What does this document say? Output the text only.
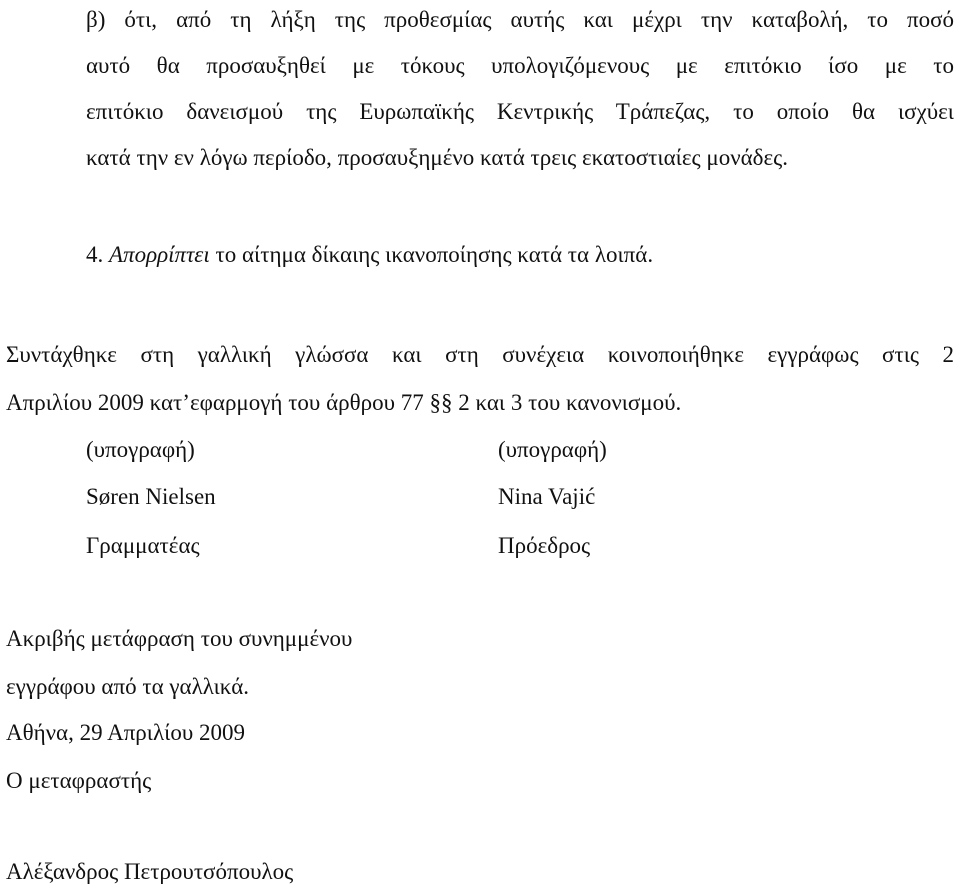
β) ότι, από τη λήξη της προθεσμίας αυτής και μέχρι την καταβολή, το ποσό
αυτό θα προσαυξηθεί με τόκους υπολογιζόμενους με επιτόκιο ίσο με το
επιτόκιο δανεισμού της Ευρωπαϊκής Κεντρικής Τράπεζας, το οποίο θα ισχύει
κατά την εν λόγω περίοδο, προσαυξημένο κατά τρεις εκατοστιαίες μονάδες.
4. Απορρίπτει το αίτημα δίκαιης ικανοποίησης κατά τα λοιπά.
Συντάχθηκε στη γαλλική γλώσσα και στη συνέχεια κοινοποιήθηκε εγγράφως στις 2
Απριλίου 2009 κατ’εφαρμογή του άρθρου 77 §§ 2 και 3 του κανονισμού.
(υπογραφή)
Søren Nielsen
Γραμματέας
(υπογραφή)
Nina Vajić
Πρόεδρος
Ακριβής μετάφραση του συνημμένου
εγγράφου από τα γαλλικά.
Αθήνα, 29 Απριλίου 2009
Ο μεταφραστής
Αλέξανδρος Πετρουτσόπουλος
